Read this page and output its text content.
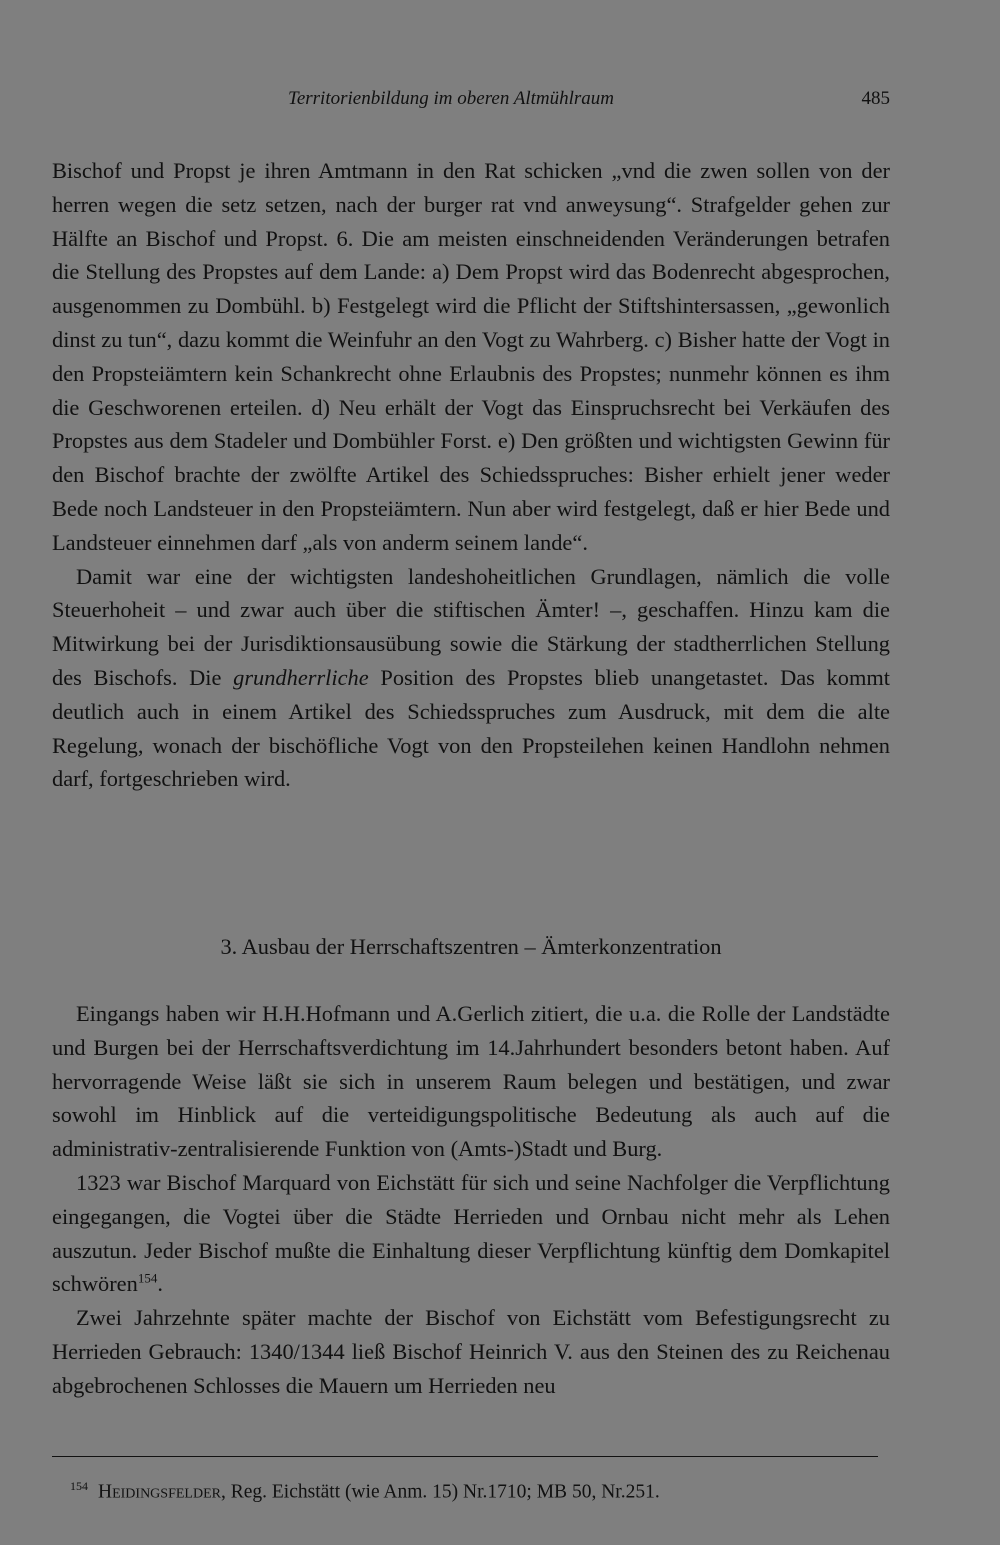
Territorienbildung im oberen Altmühlraum	485

Bischof und Propst je ihren Amtmann in den Rat schicken „vnd die zwen sollen von der herren wegen die setz setzen, nach der burger rat vnd anweysung“. Strafgelder gehen zur Hälfte an Bischof und Propst. 6. Die am meisten einschneidenden Veränderungen betrafen die Stellung des Propstes auf dem Lande: a) Dem Propst wird das Bodenrecht abgesprochen, ausgenommen zu Dombühl. b) Festgelegt wird die Pflicht der Stiftshintersassen, „gewonlich dinst zu tun“, dazu kommt die Weinfuhr an den Vogt zu Wahrberg. c) Bisher hatte der Vogt in den Propsteiämtern kein Schankrecht ohne Erlaubnis des Propstes; nunmehr können es ihm die Geschworenen erteilen. d) Neu erhält der Vogt das Einspruchsrecht bei Verkäufen des Propstes aus dem Stadeler und Dombühler Forst. e) Den größten und wichtigsten Gewinn für den Bischof brachte der zwölfte Artikel des Schiedsspruches: Bisher erhielt jener weder Bede noch Landsteuer in den Propsteiämtern. Nun aber wird festgelegt, daß er hier Bede und Landsteuer einnehmen darf „als von anderm seinem lande“.

Damit war eine der wichtigsten landeshoheitlichen Grundlagen, nämlich die volle Steuerhoheit – und zwar auch über die stiftischen Ämter! –, geschaffen. Hinzu kam die Mitwirkung bei der Jurisdiktionsausübung sowie die Stärkung der stadtherrlichen Stellung des Bischofs. Die grundherrliche Position des Propstes blieb unangetastet. Das kommt deutlich auch in einem Artikel des Schiedsspruches zum Ausdruck, mit dem die alte Regelung, wonach der bischöfliche Vogt von den Propsteilehen keinen Handlohn nehmen darf, fortgeschrieben wird.

3. Ausbau der Herrschaftszentren – Ämterkonzentration

Eingangs haben wir H.H.Hofmann und A.Gerlich zitiert, die u.a. die Rolle der Landstädte und Burgen bei der Herrschaftsverdichtung im 14.Jahrhundert besonders betont haben. Auf hervorragende Weise läßt sie sich in unserem Raum belegen und bestätigen, und zwar sowohl im Hinblick auf die verteidigungspolitische Bedeutung als auch auf die administrativ-zentralisierende Funktion von (Amts-)Stadt und Burg.

1323 war Bischof Marquard von Eichstätt für sich und seine Nachfolger die Verpflichtung eingegangen, die Vogtei über die Städte Herrieden und Ornbau nicht mehr als Lehen auszutun. Jeder Bischof mußte die Einhaltung dieser Verpflichtung künftig dem Domkapitel schwören$^{154}$.

Zwei Jahrzehnte später machte der Bischof von Eichstätt vom Befestigungsrecht zu Herrieden Gebrauch: 1340/1344 ließ Bischof Heinrich V. aus den Steinen des zu Reichenau abgebrochenen Schlosses die Mauern um Herrieden neu

$^{154}$ Heidingsfelder, Reg. Eichstätt (wie Anm. 15) Nr.1710; MB 50, Nr.251.
